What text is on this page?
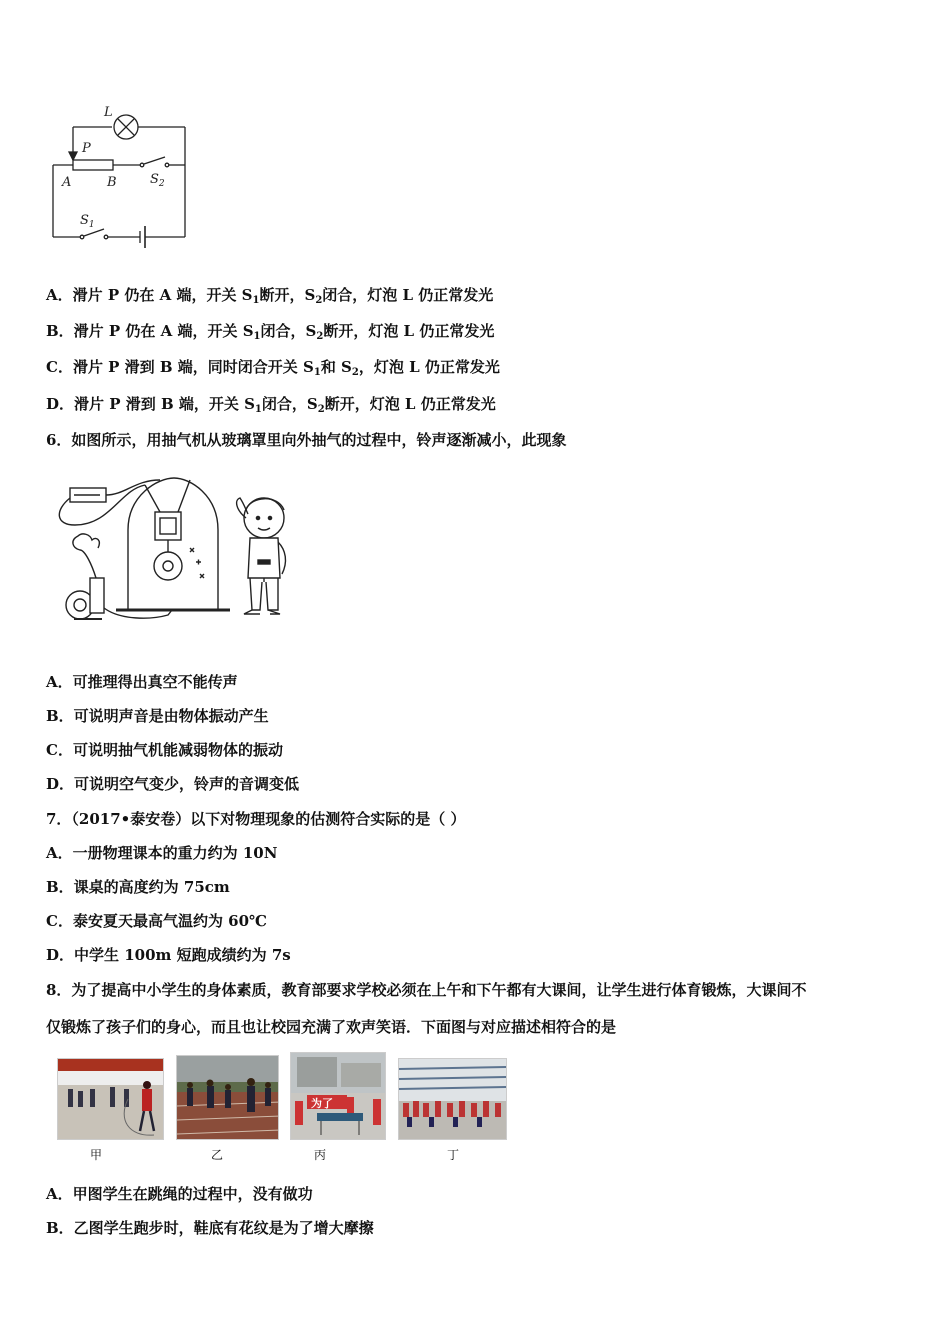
L
P
A	B	$S_2$
$S_1$
A．滑片 P 仍在 A 端，开关 $S_1$断开，$S_2$闭合，灯泡 L 仍正常发光
B．滑片 P 仍在 A 端，开关 $S_1$闭合，$S_2$断开，灯泡 L 仍正常发光
C．滑片 P 滑到 B 端，同时闭合开关 $S_1$和 $S_2$，灯泡 L 仍正常发光
D．滑片 P 滑到 B 端，开关 $S_1$闭合，$S_2$断开，灯泡 L 仍正常发光
6．如图所示，用抽气机从玻璃罩里向外抽气的过程中，铃声逐渐减小，此现象
A．可推理得出真空不能传声
B．可说明声音是由物体振动产生
C．可说明抽气机能减弱物体的振动
D．可说明空气变少，铃声的音调变低
7．（2017•泰安卷）以下对物理现象的估测符合实际的是（ ）
A．一册物理课本的重力约为 10N
B．课桌的高度约为 75cm
C．泰安夏天最高气温约为 60℃
D．中学生 100m 短跑成绩约为 7s
8．为了提高中小学生的身体素质，教育部要求学校必须在上午和下午都有大课间，让学生进行体育锻炼，大课间不
仅锻炼了孩子们的身心，而且也让校园充满了欢声笑语．下面图与对应描述相符合的是
为了
甲	乙	丙	丁
A．甲图学生在跳绳的过程中，没有做功
B．乙图学生跑步时，鞋底有花纹是为了增大摩擦
